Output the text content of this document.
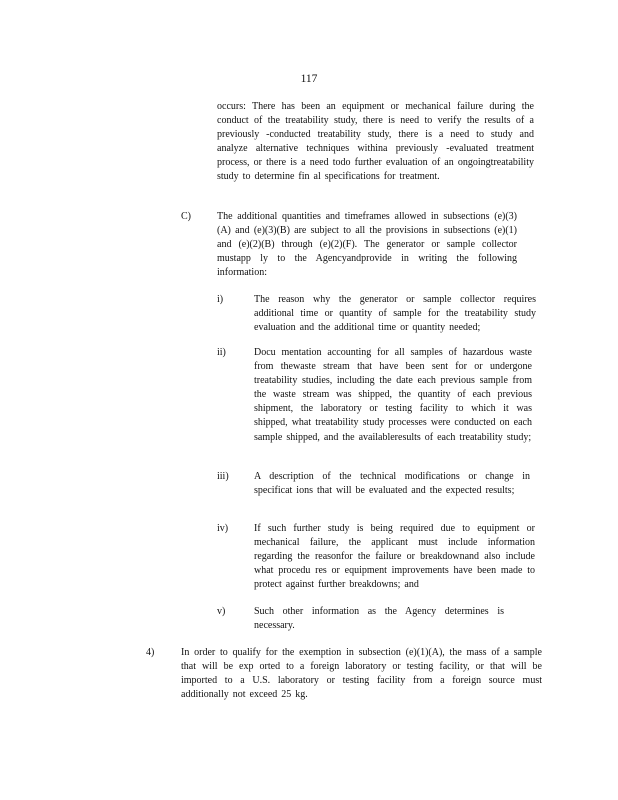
117
occurs: There has been an equipment or mechanical failure during the conduct of the treatability study, there is need to verify the results of a previously -conducted treatability study, there is a need to study and analyze alternative techniques withina previously -evaluated treatment process, or there is a need todo further evaluation of an ongoingtreatability study to determine fin al specifications for treatment.
C)	The additional quantities and timeframes allowed in subsections (e)(3)(A) and (e)(3)(B) are subject to all the provisions in subsections (e)(1) and (e)(2)(B) through (e)(2)(F). The generator or sample collector mustapp ly to the Agencyandprovide in writing the following information:
i)	The reason why the generator or sample collector requires additional time or quantity of sample for the treatability study evaluation and the additional time or quantity needed;
ii)	Docu mentation accounting for all samples of hazardous waste from thewaste stream that have been sent for or undergone treatability studies, including the date each previous sample from the waste stream was shipped, the quantity of each previous shipment, the laboratory or testing facility to which it was shipped, what treatability study processes were conducted on each sample shipped, and the availableresults of each treatability study;
iii)	A description of the technical modifications or change in specificat ions that will be evaluated and the expected results;
iv)	If such further study is being required due to equipment or mechanical failure, the applicant must include information regarding the reasonfor the failure or breakdownand also include what procedu res or equipment improvements have been made to protect against further breakdowns; and
v)	Such other information as the Agency determines is necessary.
4)	In order to qualify for the exemption in subsection (e)(1)(A), the mass of a sample that will be exp orted to a foreign laboratory or testing facility, or that will be imported to a U.S. laboratory or testing facility from a foreign source must additionally not exceed 25 kg.
